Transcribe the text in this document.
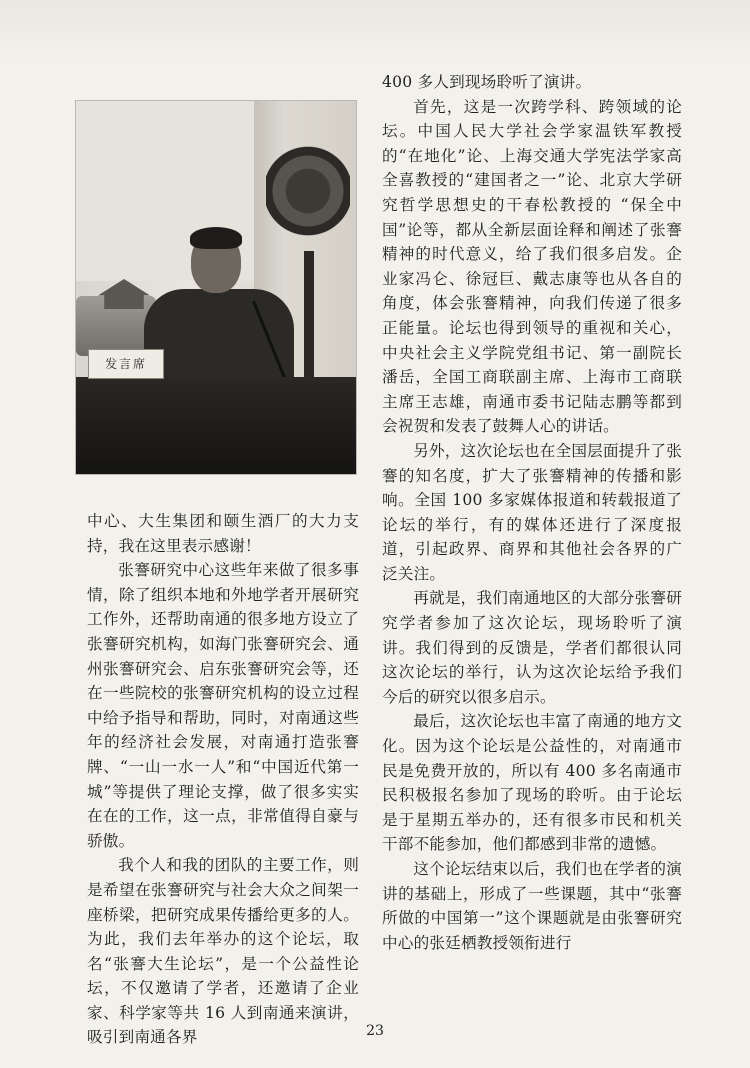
发言席

中心、大生集团和颐生酒厂的大力支持，我在这里表示感谢！

张謇研究中心这些年来做了很多事情，除了组织本地和外地学者开展研究工作外，还帮助南通的很多地方设立了张謇研究机构，如海门张謇研究会、通州张謇研究会、启东张謇研究会等，还在一些院校的张謇研究机构的设立过程中给予指导和帮助，同时，对南通这些年的经济社会发展，对南通打造张謇牌、“一山一水一人”和“中国近代第一城”等提供了理论支撑，做了很多实实在在的工作，这一点，非常值得自豪与骄傲。

我个人和我的团队的主要工作，则是希望在张謇研究与社会大众之间架一座桥梁，把研究成果传播给更多的人。为此，我们去年举办的这个论坛，取名“张謇大生论坛”，是一个公益性论坛，不仅邀请了学者，还邀请了企业家、科学家等共 16 人到南通来演讲，吸引到南通各界

400 多人到现场聆听了演讲。

首先，这是一次跨学科、跨领域的论坛。中国人民大学社会学家温铁军教授的“在地化”论、上海交通大学宪法学家高全喜教授的“建国者之一”论、北京大学研究哲学思想史的干春松教授的 “保全中国”论等，都从全新层面诠释和阐述了张謇精神的时代意义，给了我们很多启发。企业家冯仑、徐冠巨、戴志康等也从各自的角度，体会张謇精神，向我们传递了很多正能量。论坛也得到领导的重视和关心，中央社会主义学院党组书记、第一副院长潘岳，全国工商联副主席、上海市工商联主席王志雄，南通市委书记陆志鹏等都到会祝贺和发表了鼓舞人心的讲话。

另外，这次论坛也在全国层面提升了张謇的知名度，扩大了张謇精神的传播和影响。全国 100 多家媒体报道和转载报道了论坛的举行，有的媒体还进行了深度报道，引起政界、商界和其他社会各界的广泛关注。

再就是，我们南通地区的大部分张謇研究学者参加了这次论坛，现场聆听了演讲。我们得到的反馈是，学者们都很认同这次论坛的举行，认为这次论坛给予我们今后的研究以很多启示。

最后，这次论坛也丰富了南通的地方文化。因为这个论坛是公益性的，对南通市民是免费开放的，所以有 400 多名南通市民积极报名参加了现场的聆听。由于论坛是于星期五举办的，还有很多市民和机关干部不能参加，他们都感到非常的遗憾。

这个论坛结束以后，我们也在学者的演讲的基础上，形成了一些课题，其中“张謇所做的中国第一”这个课题就是由张謇研究中心的张廷栖教授领衔进行

23
